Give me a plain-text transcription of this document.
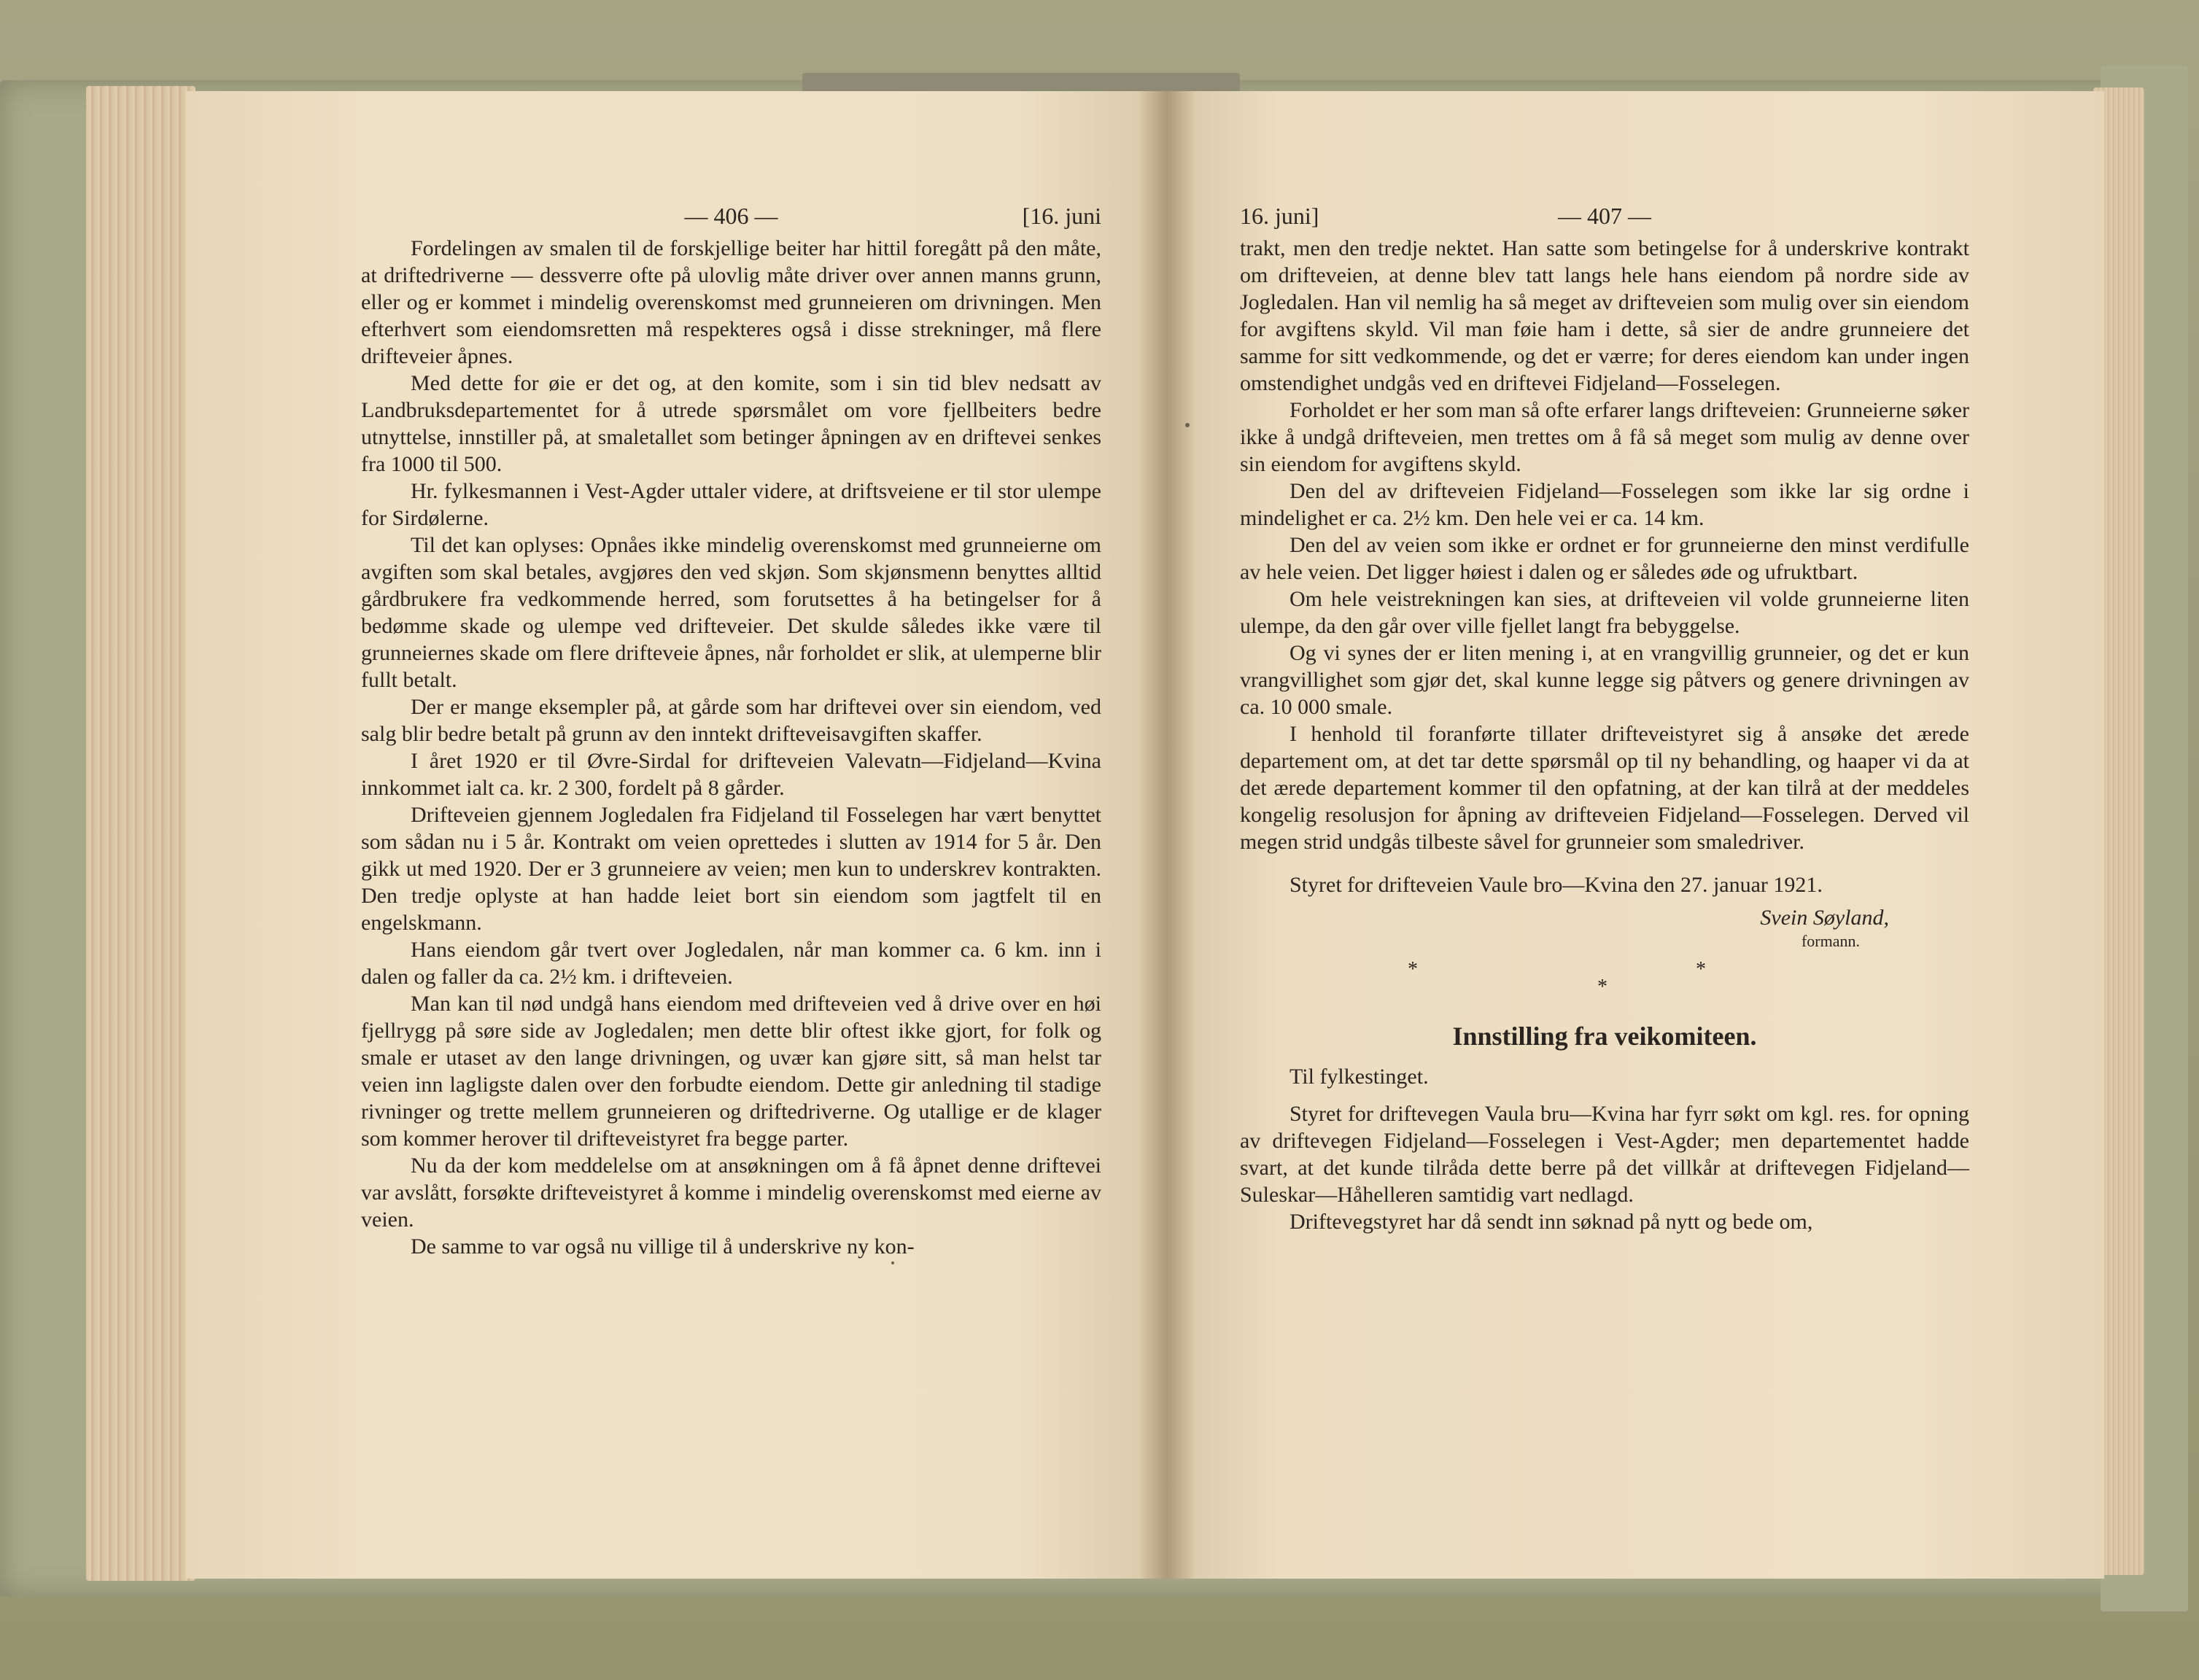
— 406 —	[16. juni

Fordelingen av smalen til de forskjellige beiter har hittil foregått på den måte, at driftedriverne — dessverre ofte på ulovlig måte driver over annen manns grunn, eller og er kommet i mindelig overenskomst med grunneieren om drivningen. Men efterhvert som eiendomsretten må respekteres også i disse strekninger, må flere drifteveier åpnes.

Med dette for øie er det og, at den komite, som i sin tid blev nedsatt av Landbruksdepartementet for å utrede spørsmålet om vore fjellbeiters bedre utnyttelse, innstiller på, at smaletallet som betinger åpningen av en driftevei senkes fra 1000 til 500.

Hr. fylkesmannen i Vest-Agder uttaler videre, at driftsveiene er til stor ulempe for Sirdølerne.

Til det kan oplyses: Opnåes ikke mindelig overenskomst med grunneierne om avgiften som skal betales, avgjøres den ved skjøn. Som skjønsmenn benyttes alltid gårdbrukere fra vedkommende herred, som forutsettes å ha betingelser for å bedømme skade og ulempe ved drifteveier. Det skulde således ikke være til grunneiernes skade om flere drifteveie åpnes, når forholdet er slik, at ulemperne blir fullt betalt.

Der er mange eksempler på, at gårde som har driftevei over sin eiendom, ved salg blir bedre betalt på grunn av den inntekt drifteveisavgiften skaffer.

I året 1920 er til Øvre-Sirdal for drifteveien Valevatn—Fidjeland—Kvina innkommet ialt ca. kr. 2 300, fordelt på 8 gårder.

Drifteveien gjennem Jogledalen fra Fidjeland til Fosselegen har vært benyttet som sådan nu i 5 år. Kontrakt om veien oprettedes i slutten av 1914 for 5 år. Den gikk ut med 1920. Der er 3 grunneiere av veien; men kun to underskrev kontrakten. Den tredje oplyste at han hadde leiet bort sin eiendom som jagtfelt til en engelskmann.

Hans eiendom går tvert over Jogledalen, når man kommer ca. 6 km. inn i dalen og faller da ca. 2½ km. i drifteveien.

Man kan til nød undgå hans eiendom med drifteveien ved å drive over en høi fjellrygg på søre side av Jogledalen; men dette blir oftest ikke gjort, for folk og smale er utaset av den lange drivningen, og uvær kan gjøre sitt, så man helst tar veien inn lagligste dalen over den forbudte eiendom. Dette gir anledning til stadige rivninger og trette mellem grunneieren og driftedriverne. Og utallige er de klager som kommer herover til drifteveistyret fra begge parter.

Nu da der kom meddelelse om at ansøkningen om å få åpnet denne driftevei var avslått, forsøkte drifteveistyret å komme i mindelig overenskomst med eierne av veien.

De samme to var også nu villige til å underskrive ny kon-

16. juni]	— 407 —

trakt, men den tredje nektet. Han satte som betingelse for å underskrive kontrakt om drifteveien, at denne blev tatt langs hele hans eiendom på nordre side av Jogledalen. Han vil nemlig ha så meget av drifteveien som mulig over sin eiendom for avgiftens skyld. Vil man føie ham i dette, så sier de andre grunneiere det samme for sitt vedkommende, og det er værre; for deres eiendom kan under ingen omstendighet undgås ved en driftevei Fidjeland—Fosselegen.

Forholdet er her som man så ofte erfarer langs drifteveien: Grunneierne søker ikke å undgå drifteveien, men trettes om å få så meget som mulig av denne over sin eiendom for avgiftens skyld.

Den del av drifteveien Fidjeland—Fosselegen som ikke lar sig ordne i mindelighet er ca. 2½ km. Den hele vei er ca. 14 km.

Den del av veien som ikke er ordnet er for grunneierne den minst verdifulle av hele veien. Det ligger høiest i dalen og er således øde og ufruktbart.

Om hele veistrekningen kan sies, at drifteveien vil volde grunneierne liten ulempe, da den går over ville fjellet langt fra bebyggelse.

Og vi synes der er liten mening i, at en vrangvillig grunneier, og det er kun vrangvillighet som gjør det, skal kunne legge sig påtvers og genere drivningen av ca. 10 000 smale.

I henhold til foranførte tillater drifteveistyret sig å ansøke det ærede departement om, at det tar dette spørsmål op til ny behandling, og haaper vi da at det ærede departement kommer til den opfatning, at der kan tilrå at der meddeles kongelig resolusjon for åpning av drifteveien Fidjeland—Fosselegen. Derved vil megen strid undgås tilbeste såvel for grunneier som smaledriver.

Styret for drifteveien Vaule bro—Kvina den 27. januar 1921.

Svein Søyland,

formann.

*
*
*
Innstilling fra veikomiteen.

Til fylkestinget.

Styret for driftevegen Vaula bru—Kvina har fyrr søkt om kgl. res. for opning av driftevegen Fidjeland—Fosselegen i Vest-Agder; men departementet hadde svart, at det kunde tilråda dette berre på det villkår at driftevegen Fidjeland—Suleskar—Håhelleren samtidig vart nedlagd.

Driftevegstyret har då sendt inn søknad på nytt og bede om,
